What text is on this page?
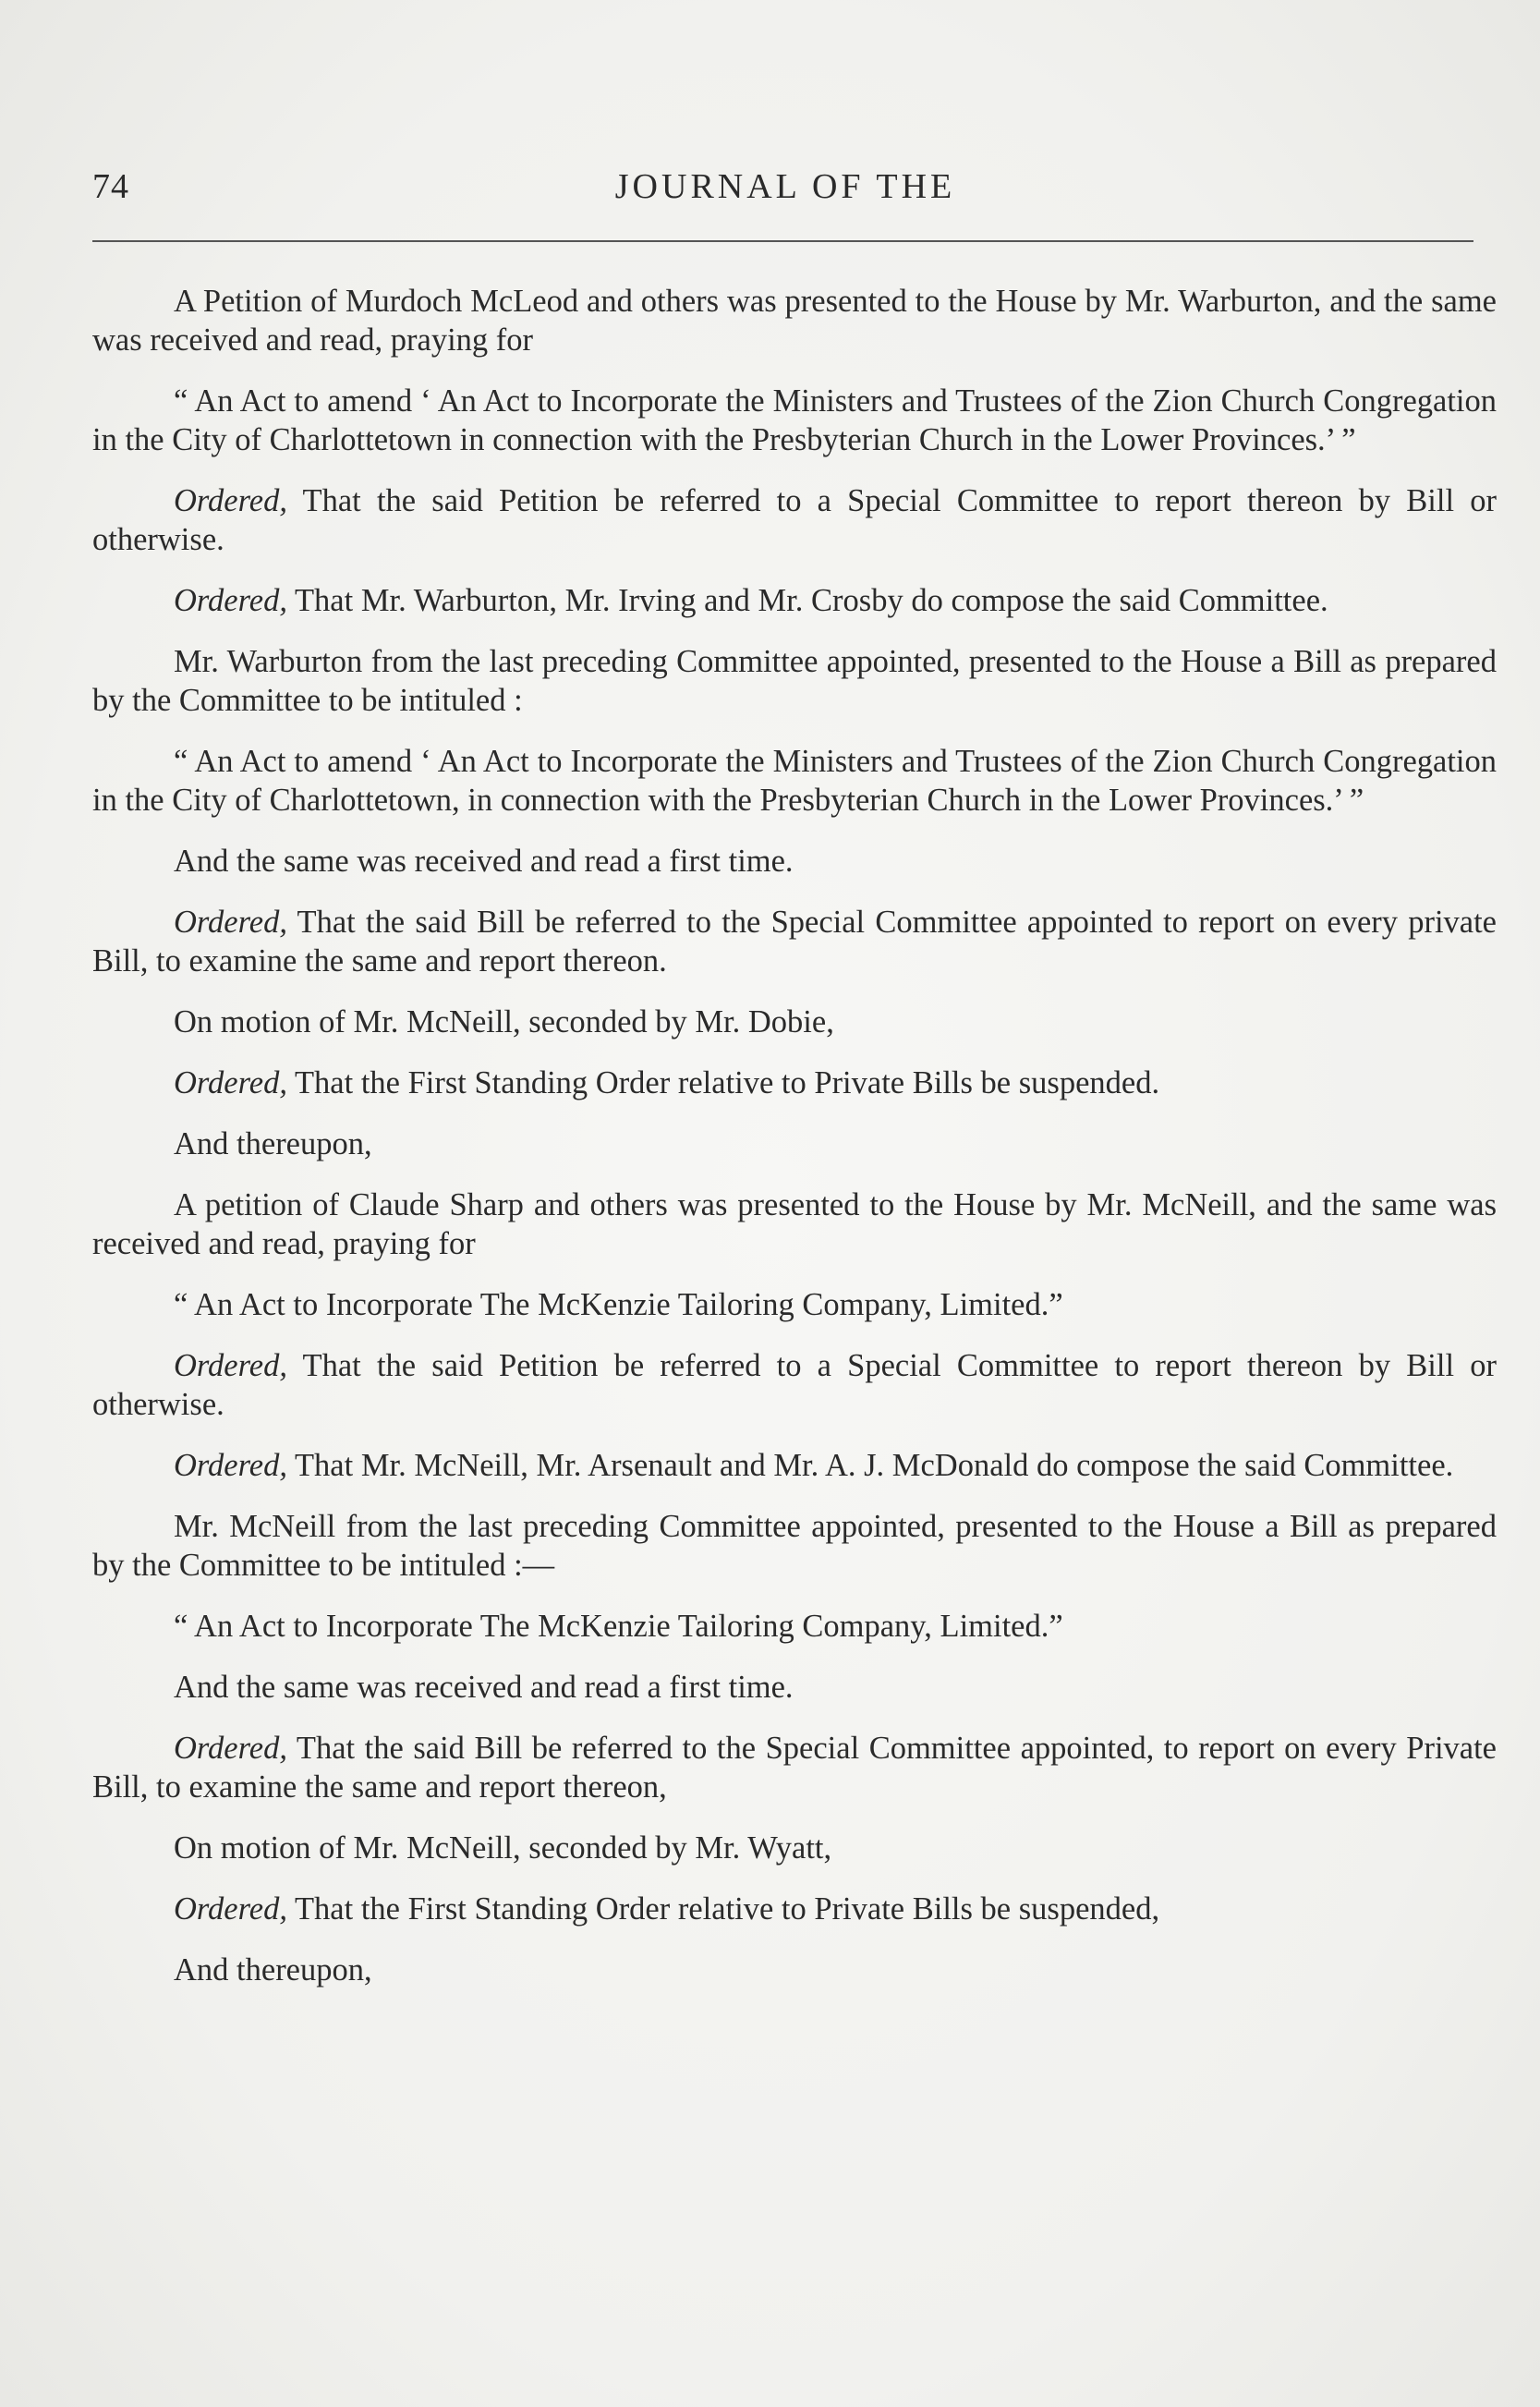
74	JOURNAL OF THE

A Petition of Murdoch McLeod and others was presented to the House by Mr. Warburton, and the same was received and read, praying for

“ An Act to amend ‘ An Act to Incorporate the Ministers and Trustees of the Zion Church Congregation in the City of Charlottetown in connection with the Presbyterian Church in the Lower Provinces.’ ”

Ordered, That the said Petition be referred to a Special Committee to report thereon by Bill or otherwise.

Ordered, That Mr. Warburton, Mr. Irving and Mr. Crosby do compose the said Committee.

Mr. Warburton from the last preceding Committee appointed, presented to the House a Bill as prepared by the Committee to be intituled :

“ An Act to amend ‘ An Act to Incorporate the Ministers and Trustees of the Zion Church Congregation in the City of Charlottetown, in connection with the Presbyterian Church in the Lower Provinces.’ ”

And the same was received and read a first time.

Ordered, That the said Bill be referred to the Special Committee appointed to report on every private Bill, to examine the same and report thereon.

On motion of Mr. McNeill, seconded by Mr. Dobie,

Ordered, That the First Standing Order relative to Private Bills be suspended.

And thereupon,

A petition of Claude Sharp and others was presented to the House by Mr. McNeill, and the same was received and read, praying for

“ An Act to Incorporate The McKenzie Tailoring Company, Limited.”

Ordered, That the said Petition be referred to a Special Committee to report thereon by Bill or otherwise.

Ordered, That Mr. McNeill, Mr. Arsenault and Mr. A. J. McDonald do compose the said Committee.

Mr. McNeill from the last preceding Committee appointed, presented to the House a Bill as prepared by the Committee to be intituled :—

“ An Act to Incorporate The McKenzie Tailoring Company, Limited.”

And the same was received and read a first time.

Ordered, That the said Bill be referred to the Special Committee appointed, to report on every Private Bill, to examine the same and report thereon,

On motion of Mr. McNeill, seconded by Mr. Wyatt,

Ordered, That the First Standing Order relative to Private Bills be suspended,

And thereupon,
